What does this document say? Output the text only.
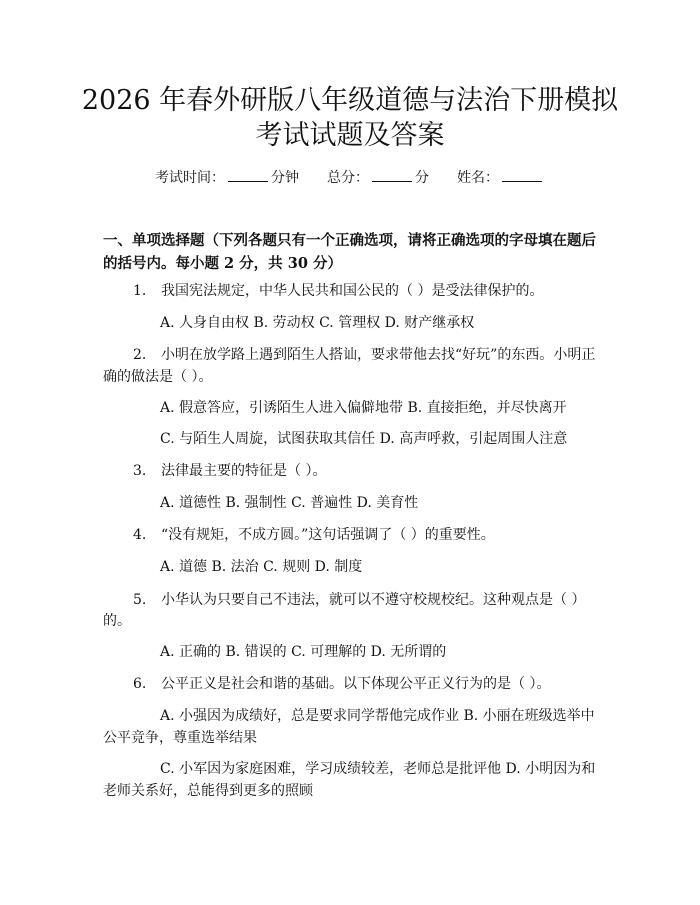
2026 年春外研版八年级道德与法治下册模拟
考试试题及答案
考试时间：	分钟 总分：	分 姓名：
一、单项选择题（下列各题只有一个正确选项，请将正确选项的字母填在题后的括号内。每小题 2 分，共 30 分）
1. 我国宪法规定，中华人民共和国公民的（ ）是受法律保护的。
A. 人身自由权 B. 劳动权 C. 管理权 D. 财产继承权
2. 小明在放学路上遇到陌生人搭讪，要求带他去找“好玩”的东西。小明正
确的做法是（ ）。
A. 假意答应，引诱陌生人进入偏僻地带 B. 直接拒绝，并尽快离开
C. 与陌生人周旋，试图获取其信任 D. 高声呼救，引起周围人注意
3. 法律最主要的特征是（ ）。
A. 道德性 B. 强制性 C. 普遍性 D. 美育性
4. “没有规矩，不成方圆。”这句话强调了（ ）的重要性。
A. 道德 B. 法治 C. 规则 D. 制度
5. 小华认为只要自己不违法，就可以不遵守校规校纪。这种观点是（ ）
的。
A. 正确的 B. 错误的 C. 可理解的 D. 无所谓的
6. 公平正义是社会和谐的基础。以下体现公平正义行为的是（ ）。
A. 小强因为成绩好，总是要求同学帮他完成作业 B. 小丽在班级选举中
公平竞争，尊重选举结果
C. 小军因为家庭困难，学习成绩较差，老师总是批评他 D. 小明因为和
老师关系好，总能得到更多的照顾
